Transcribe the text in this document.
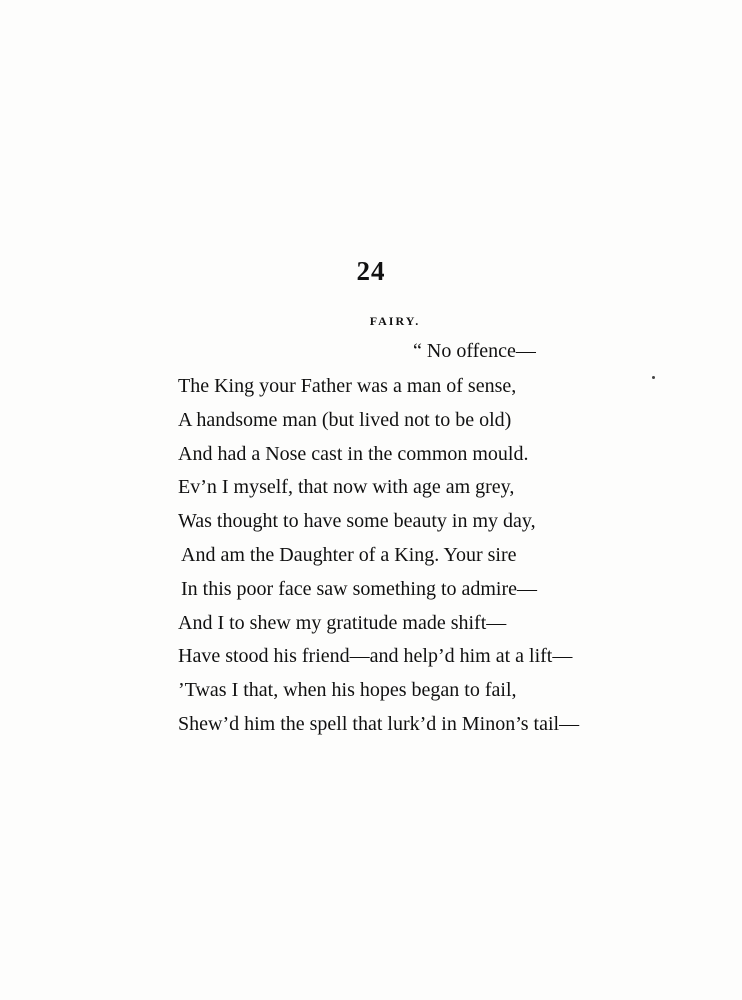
24
FAIRY.
“ No offence—
The King your Father was a man of sense,
A handsome man (but lived not to be old)
And had a Nose cast in the common mould.
Ev’n I myself, that now with age am grey,
Was thought to have some beauty in my day,
And am the Daughter of a King. Your sire
In this poor face saw something to admire—
And I to shew my gratitude made shift—
Have stood his friend—and help’d him at a lift—
’Twas I that, when his hopes began to fail,
Shew’d him the spell that lurk’d in Minon’s tail—
